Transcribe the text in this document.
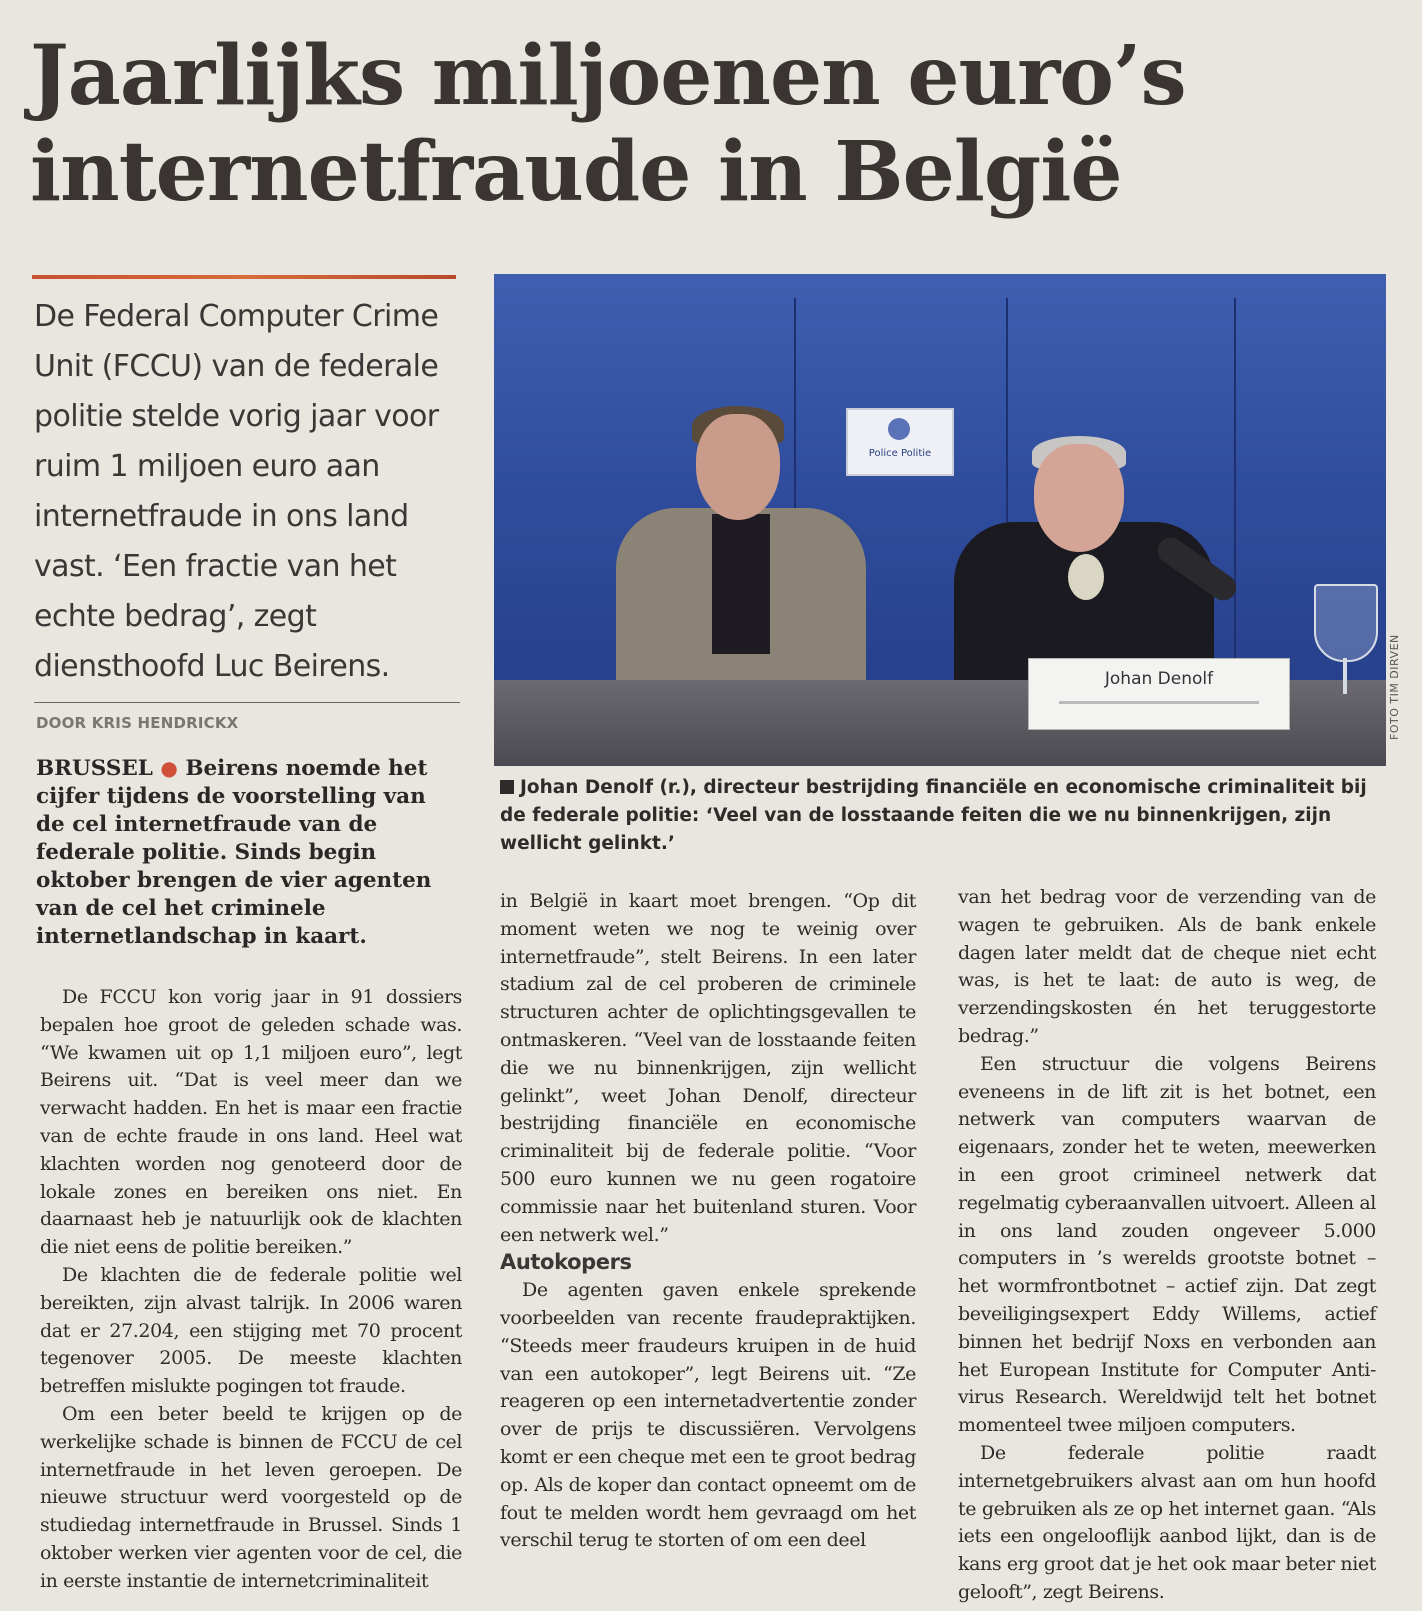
Jaarlijks miljoenen euro’s internetfraude in België

De Federal Computer Crime Unit (FCCU) van de federale politie stelde vorig jaar voor ruim 1 miljoen euro aan internetfraude in ons land vast. ‘Een fractie van het echte bedrag’, zegt diensthoofd Luc Beirens.

DOOR KRIS HENDRICKX

BRUSSEL ● Beirens noemde het cijfer tijdens de voorstelling van de cel internetfraude van de federale politie. Sinds begin oktober brengen de vier agenten van de cel het criminele internetlandschap in kaart.

Police Politie
Johan Denolf	FOTO TIM DIRVEN

Johan Denolf (r.), directeur bestrijding financiële en economische criminaliteit bij de federale politie: ‘Veel van de losstaande feiten die we nu binnenkrijgen, zijn wellicht gelinkt.’

De FCCU kon vorig jaar in 91 dossiers bepalen hoe groot de geleden schade was. “We kwamen uit op 1,1 miljoen euro”, legt Beirens uit. “Dat is veel meer dan we verwacht hadden. En het is maar een fractie van de echte fraude in ons land. Heel wat klachten worden nog genoteerd door de lokale zones en bereiken ons niet. En daarnaast heb je natuurlijk ook de klachten die niet eens de politie bereiken.”

De klachten die de federale politie wel bereikten, zijn alvast talrijk. In 2006 waren dat er 27.204, een stijging met 70 procent tegenover 2005. De meeste klachten betreffen mislukte pogingen tot fraude.

Om een beter beeld te krijgen op de werkelijke schade is binnen de FCCU de cel internetfraude in het leven geroepen. De nieuwe structuur werd voorgesteld op de studiedag internetfraude in Brussel. Sinds 1 oktober werken vier agenten voor de cel, die in eerste instantie de internetcriminaliteit

in België in kaart moet brengen. “Op dit moment weten we nog te weinig over internetfraude”, stelt Beirens. In een later stadium zal de cel proberen de criminele structuren achter de oplichtingsgevallen te ontmaskeren. “Veel van de losstaande feiten die we nu binnenkrijgen, zijn wellicht gelinkt”, weet Johan Denolf, directeur bestrijding financiële en economische criminaliteit bij de federale politie. “Voor 500 euro kunnen we nu geen rogatoire commissie naar het buitenland sturen. Voor een netwerk wel.”

Autokopers

De agenten gaven enkele sprekende voorbeelden van recente fraudepraktijken. “Steeds meer fraudeurs kruipen in de huid van een autokoper”, legt Beirens uit. “Ze reageren op een internetadvertentie zonder over de prijs te discussiëren. Vervolgens komt er een cheque met een te groot bedrag op. Als de koper dan contact opneemt om de fout te melden wordt hem gevraagd om het verschil terug te storten of om een deel

van het bedrag voor de verzending van de wagen te gebruiken. Als de bank enkele dagen later meldt dat de cheque niet echt was, is het te laat: de auto is weg, de verzendingskosten én het teruggestorte bedrag.”

Een structuur die volgens Beirens eveneens in de lift zit is het botnet, een netwerk van computers waarvan de eigenaars, zonder het te weten, meewerken in een groot crimineel netwerk dat regelmatig cyberaanvallen uitvoert. Alleen al in ons land zouden ongeveer 5.000 computers in ’s werelds grootste botnet – het wormfrontbotnet – actief zijn. Dat zegt beveiligingsexpert Eddy Willems, actief binnen het bedrijf Noxs en verbonden aan het European Institute for Computer Anti-virus Research. Wereldwijd telt het botnet momenteel twee miljoen computers.

De federale politie raadt internetgebruikers alvast aan om hun hoofd te gebruiken als ze op het internet gaan. “Als iets een ongelooflijk aanbod lijkt, dan is de kans erg groot dat je het ook maar beter niet gelooft”, zegt Beirens.
